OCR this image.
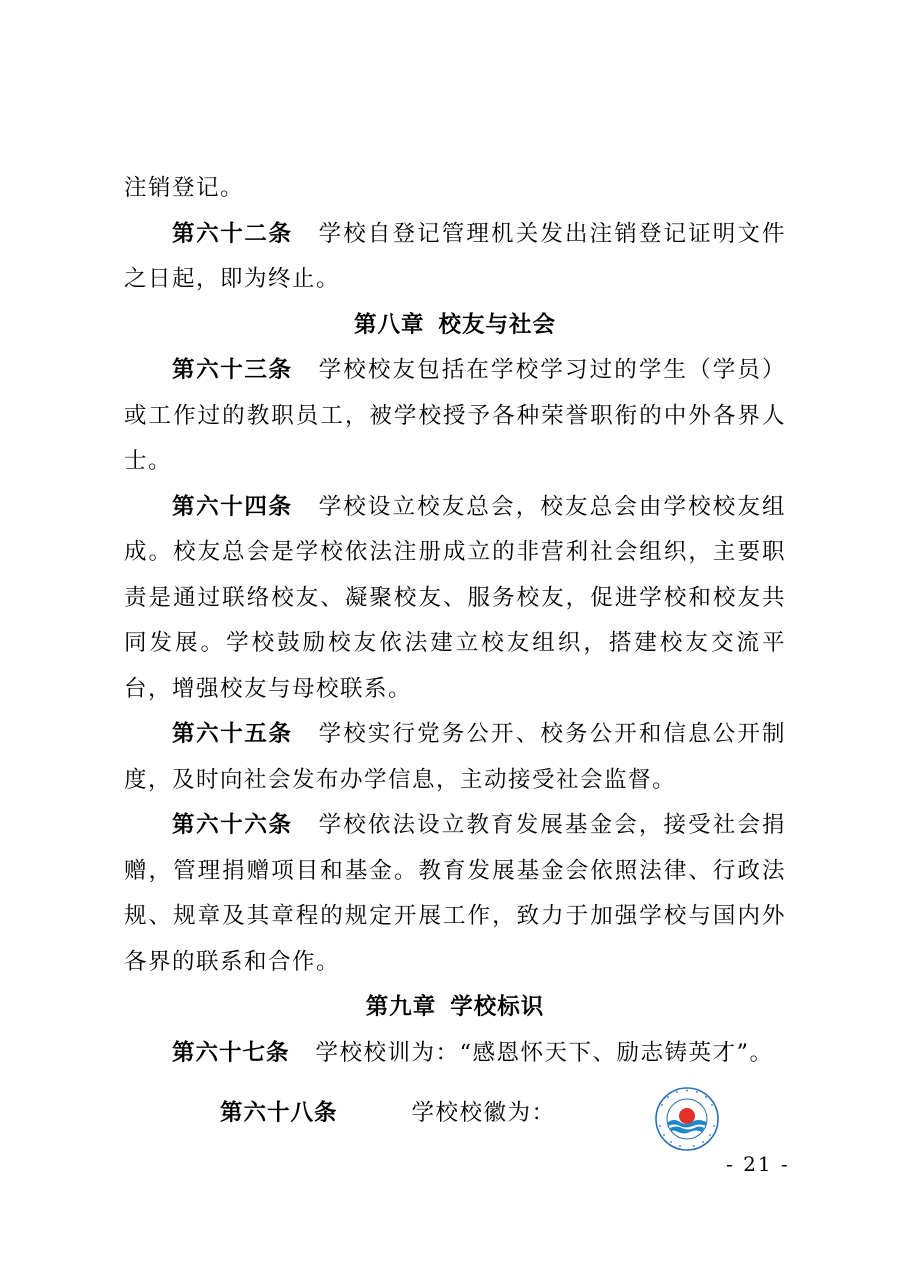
注销登记。

第六十二条 学校自登记管理机关发出注销登记证明文件之日起，即为终止。

第八章 校友与社会

第六十三条 学校校友包括在学校学习过的学生（学员）或工作过的教职员工，被学校授予各种荣誉职衔的中外各界人士。

第六十四条 学校设立校友总会，校友总会由学校校友组成。校友总会是学校依法注册成立的非营利社会组织，主要职责是通过联络校友、凝聚校友、服务校友，促进学校和校友共同发展。学校鼓励校友依法建立校友组织，搭建校友交流平台，增强校友与母校联系。

第六十五条 学校实行党务公开、校务公开和信息公开制度，及时向社会发布办学信息，主动接受社会监督。

第六十六条 学校依法设立教育发展基金会，接受社会捐赠，管理捐赠项目和基金。教育发展基金会依照法律、行政法规、规章及其章程的规定开展工作，致力于加强学校与国内外各界的联系和合作。

第九章 学校标识

第六十七条 学校校训为：“感恩怀天下、励志铸英才”。

第六十八条	学校校徽为：
- 21 -
